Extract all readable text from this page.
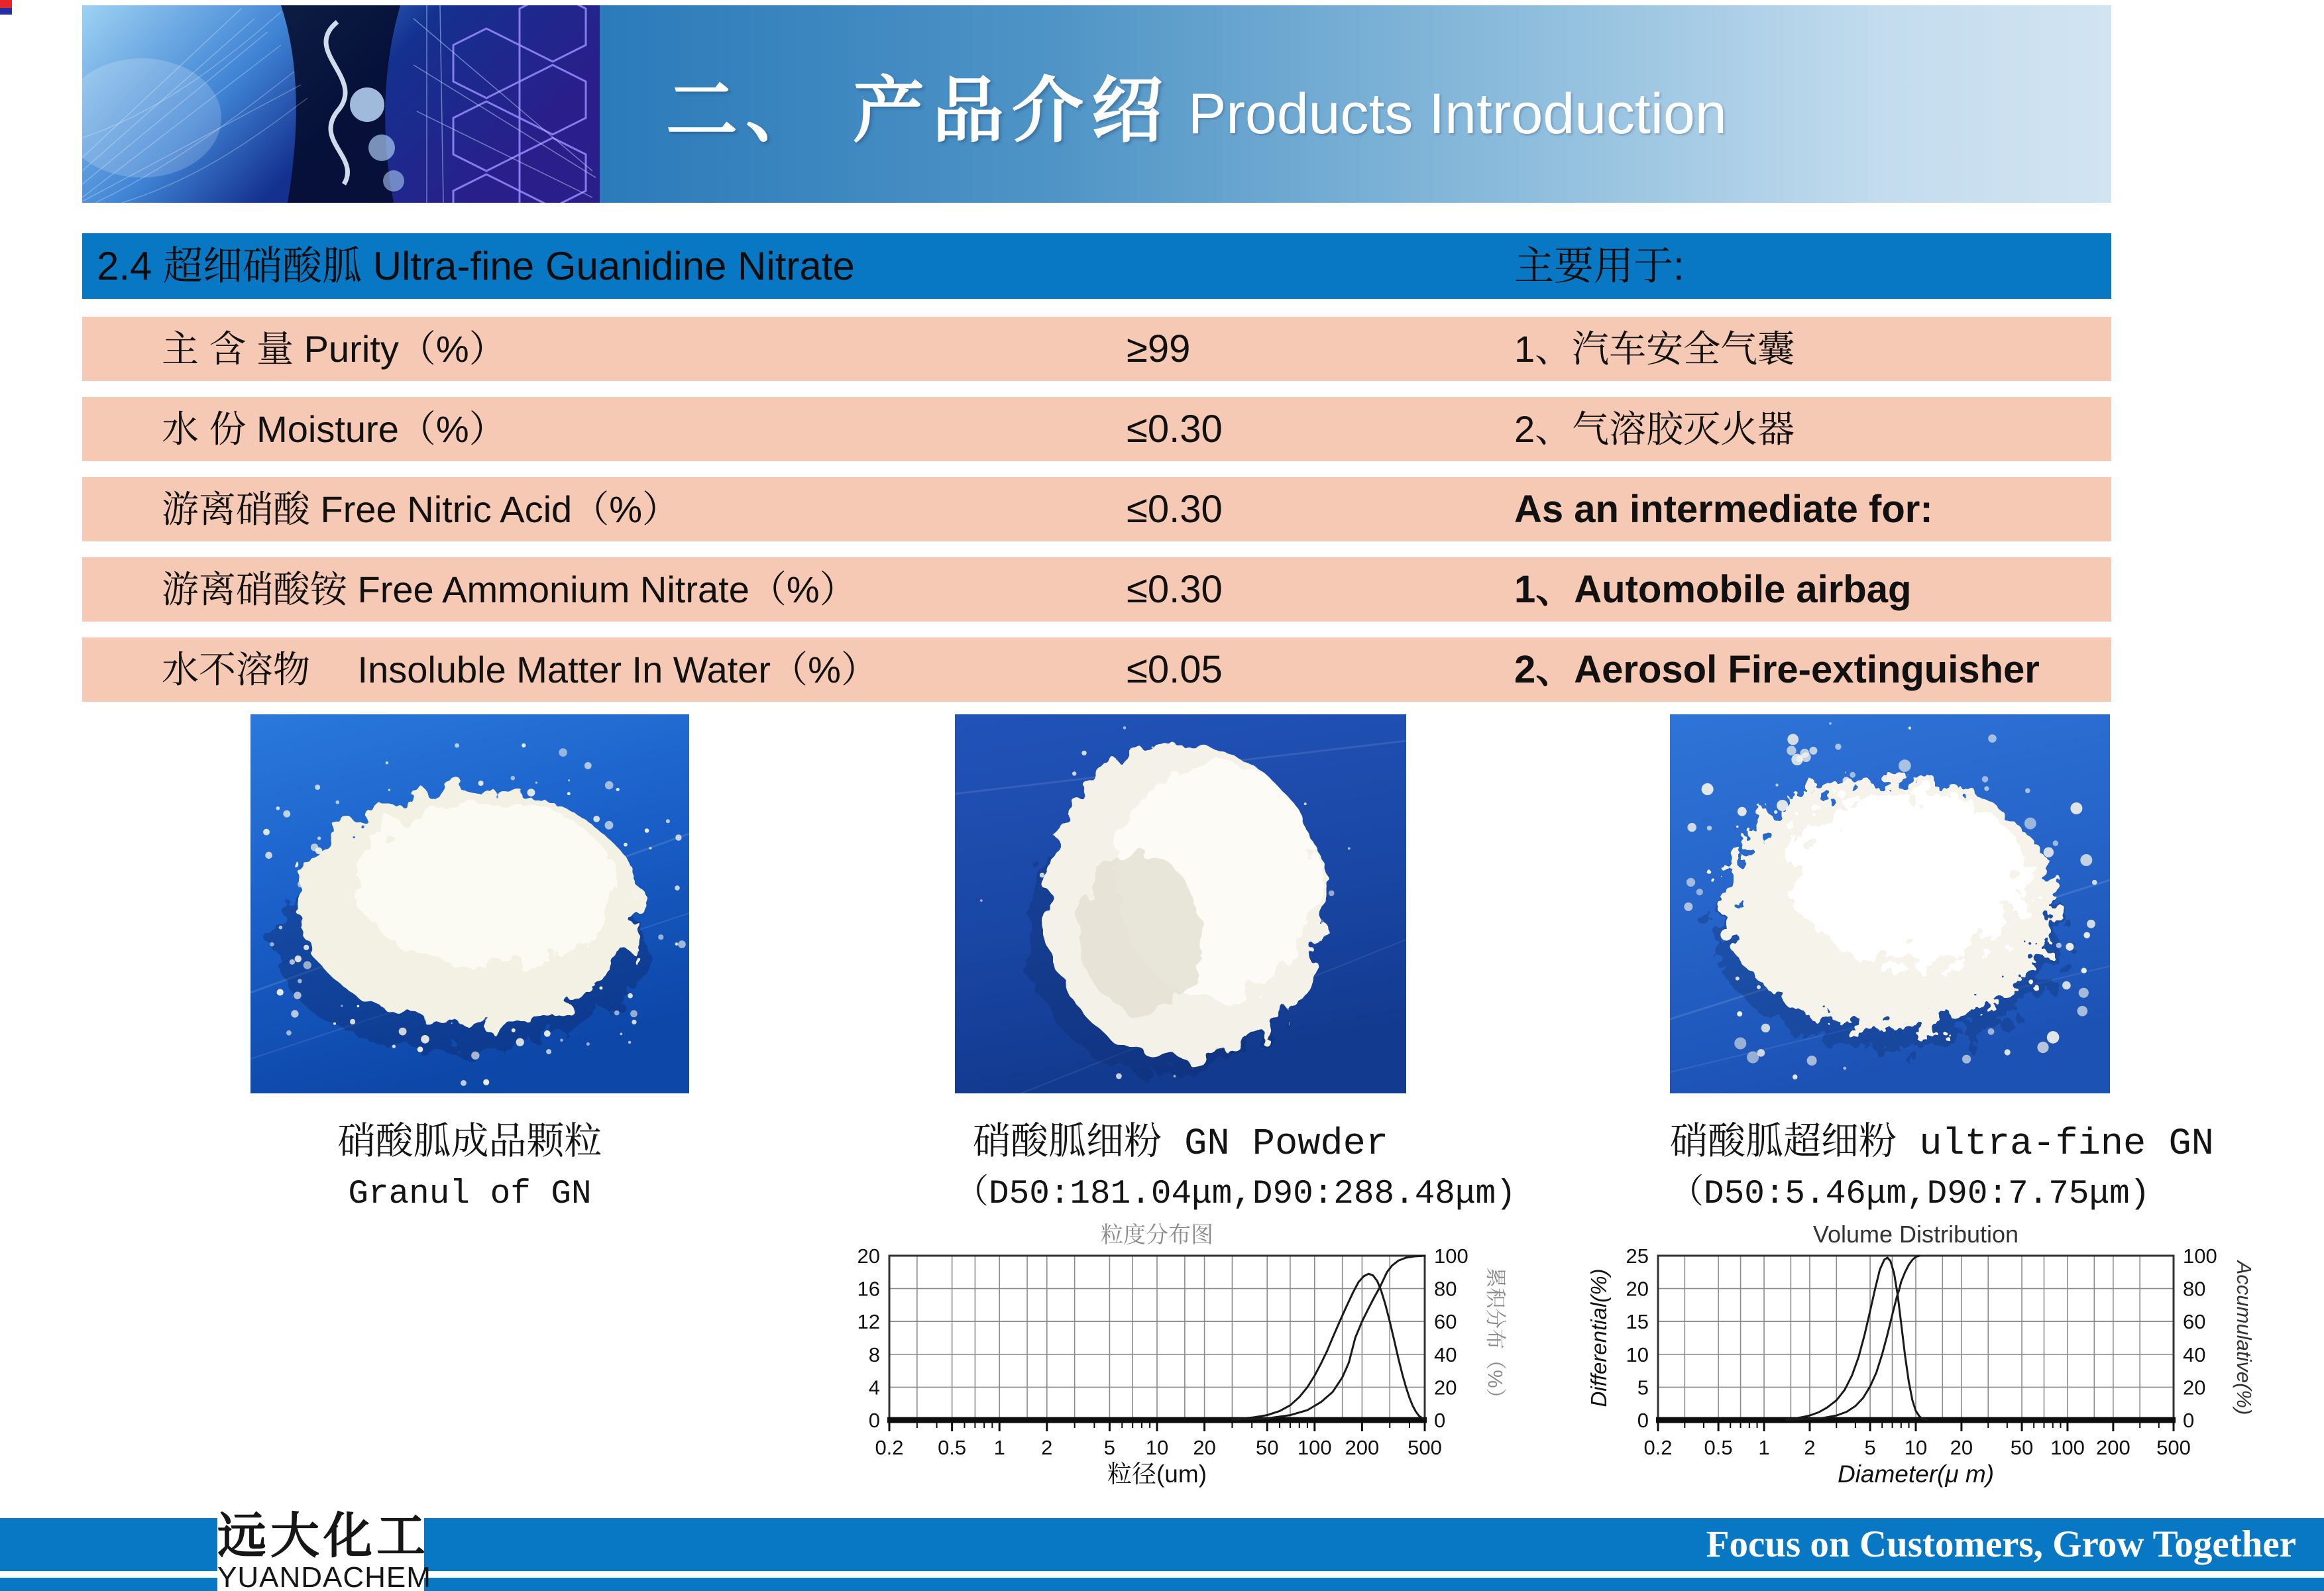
二、 产品介绍 Products Introduction
2.4 超细硝酸胍 Ultra-fine Guanidine Nitrate	主要用于:
主 含 量 Purity（%）	≥99	1、汽车安全气囊
水 份 Moisture（%）	≤0.30	2、气溶胶灭火器
游离硝酸 Free Nitric Acid（%）	≤0.30	As an intermediate for:
游离硝酸铵 Free Ammonium Nitrate（%）	≤0.30	1、Automobile airbag
水不溶物　 Insoluble Matter In Water（%）	≤0.05	2、Aerosol Fire-extinguisher
硝酸胍成品颗粒
Granul of GN
硝酸胍细粉 GN Powder
（D50:181.04μm,D90:288.48μm)
硝酸胍超细粉 ultra-fine GN
（D50:5.46μm,D90:7.75μm)
0.2 0.5 1 2 5 10 20 50 100 200 500
0
4
8
12
16
20
0
20
40
60
80
100
粒度分布图
粒径(um)
累积分布（%）
0.2 0.5 1 2 5 10 20 50 100 200 500
0
5
10
15
20
25
0
20
40
60
80
100
Volume Distribution
Diameter(μ m)
Differential(%)	Accumulative(%)
Focus on Customers, Grow Together
远大化工
YUANDACHEM
